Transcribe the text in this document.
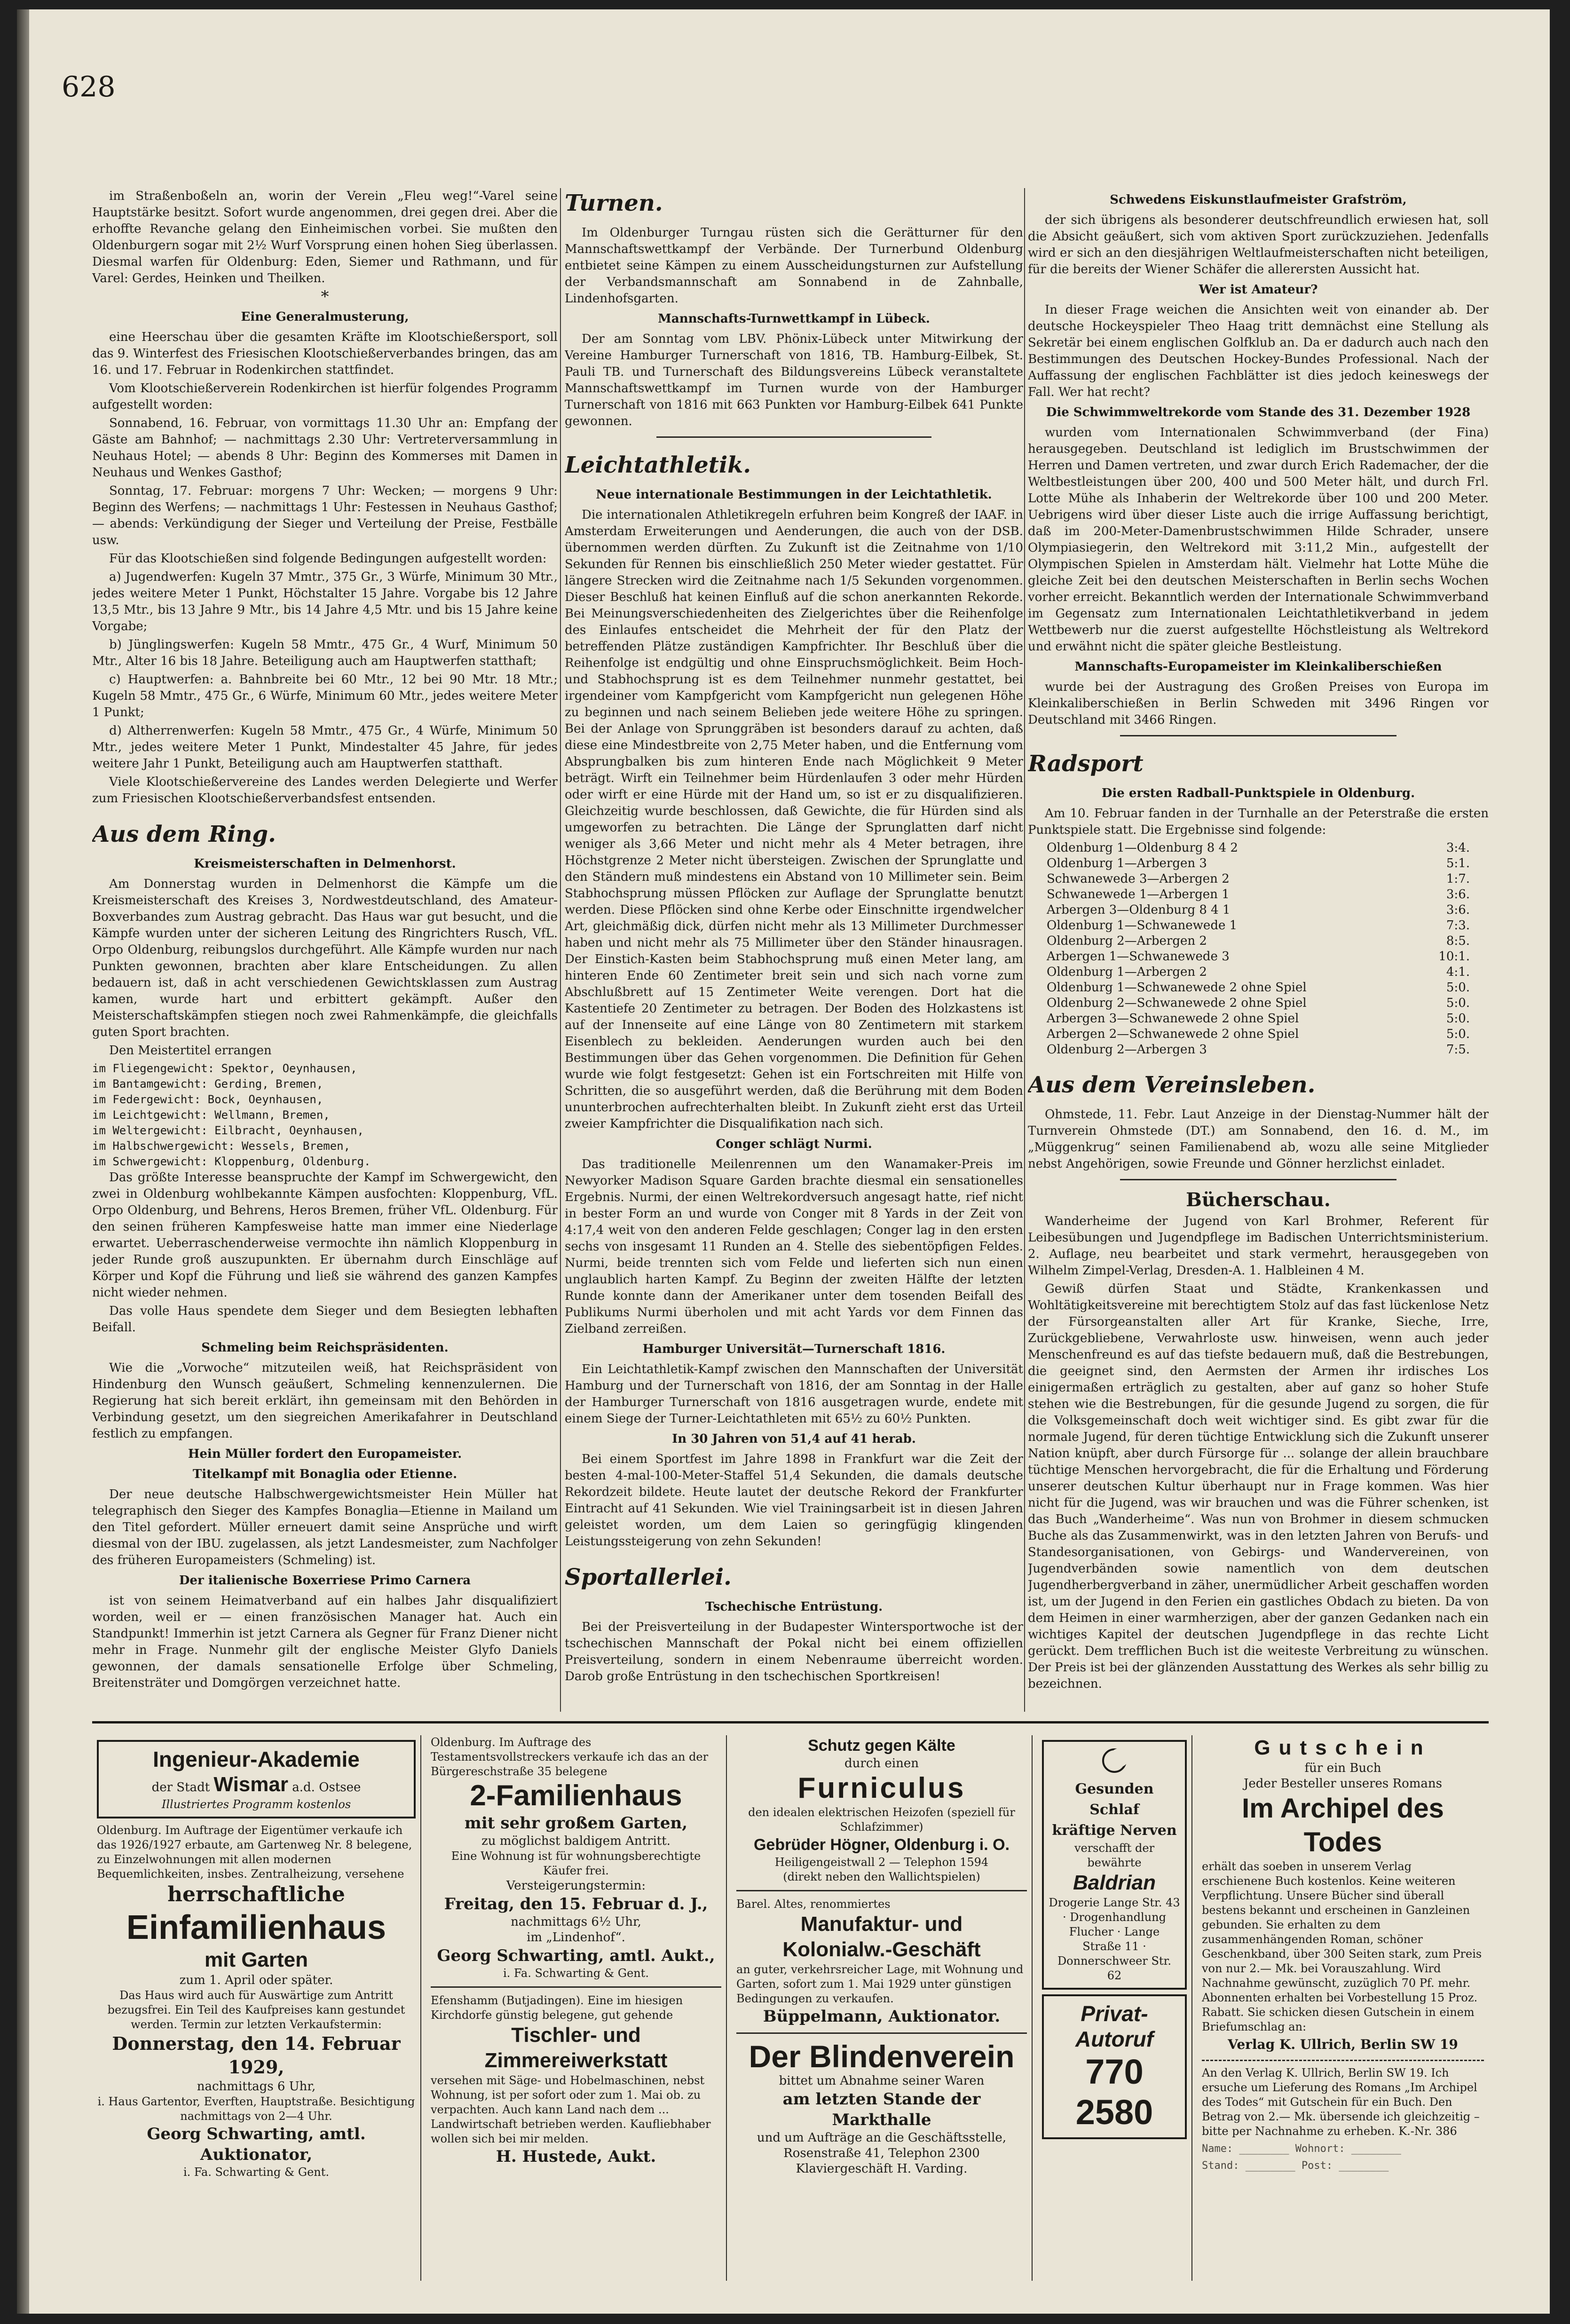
628

im Straßenboßeln an, worin der Verein „Fleu weg!“-Varel seine Hauptstärke besitzt. Sofort wurde angenommen, drei gegen drei. Aber die erhoffte Revanche gelang den Einheimischen vorbei. Sie mußten den Oldenburgern sogar mit 2½ Wurf Vorsprung einen hohen Sieg überlassen. Diesmal warfen für Oldenburg: Eden, Siemer und Rathmann, und für Varel: Gerdes, Heinken und Theilken.

*
Eine Generalmusterung,

eine Heerschau über die gesamten Kräfte im Klootschießersport, soll das 9. Winterfest des Friesischen Klootschießerverbandes bringen, das am 16. und 17. Februar in Rodenkirchen stattfindet.

Vom Klootschießerverein Rodenkirchen ist hierfür folgendes Programm aufgestellt worden:

Sonnabend, 16. Februar, von vormittags 11.30 Uhr an: Empfang der Gäste am Bahnhof; — nachmittags 2.30 Uhr: Vertreterversammlung in Neuhaus Hotel; — abends 8 Uhr: Beginn des Kommerses mit Damen in Neuhaus und Wenkes Gasthof;

Sonntag, 17. Februar: morgens 7 Uhr: Wecken; — morgens 9 Uhr: Beginn des Werfens; — nachmittags 1 Uhr: Festessen in Neuhaus Gasthof; — abends: Verkündigung der Sieger und Verteilung der Preise, Festbälle usw.

Für das Klootschießen sind folgende Bedingungen aufgestellt worden:

a) Jugendwerfen: Kugeln 37 Mmtr., 375 Gr., 3 Würfe, Minimum 30 Mtr., jedes weitere Meter 1 Punkt, Höchstalter 15 Jahre. Vorgabe bis 12 Jahre 13,5 Mtr., bis 13 Jahre 9 Mtr., bis 14 Jahre 4,5 Mtr. und bis 15 Jahre keine Vorgabe;

b) Jünglingswerfen: Kugeln 58 Mmtr., 475 Gr., 4 Wurf, Minimum 50 Mtr., Alter 16 bis 18 Jahre. Beteiligung auch am Hauptwerfen statthaft;

c) Hauptwerfen: a. Bahnbreite bei 60 Mtr., 12 bei 90 Mtr. 18 Mtr.; Kugeln 58 Mmtr., 475 Gr., 6 Würfe, Minimum 60 Mtr., jedes weitere Meter 1 Punkt;

d) Altherrenwerfen: Kugeln 58 Mmtr., 475 Gr., 4 Würfe, Minimum 50 Mtr., jedes weitere Meter 1 Punkt, Mindestalter 45 Jahre, für jedes weitere Jahr 1 Punkt, Beteiligung auch am Hauptwerfen statthaft.

Viele Klootschießervereine des Landes werden Delegierte und Werfer zum Friesischen Klootschießerverbandsfest entsenden.

Aus dem Ring.
Kreismeisterschaften in Delmenhorst.

Am Donnerstag wurden in Delmenhorst die Kämpfe um die Kreismeisterschaft des Kreises 3, Nordwestdeutschland, des Amateur-Boxverbandes zum Austrag gebracht. Das Haus war gut besucht, und die Kämpfe wurden unter der sicheren Leitung des Ringrichters Rusch, VfL. Orpo Oldenburg, reibungslos durchgeführt. Alle Kämpfe wurden nur nach Punkten gewonnen, brachten aber klare Entscheidungen. Zu allen bedauern ist, daß in acht verschiedenen Gewichtsklassen zum Austrag kamen, wurde hart und erbittert gekämpft. Außer den Meisterschaftskämpfen stiegen noch zwei Rahmenkämpfe, die gleichfalls guten Sport brachten.

Den Meistertitel errangen

im Fliegengewicht: Spektor, Oeynhausen,
im Bantamgewicht: Gerding, Bremen,
im Federgewicht: Bock, Oeynhausen,
im Leichtgewicht: Wellmann, Bremen,
im Weltergewicht: Eilbracht, Oeynhausen,
im Halbschwergewicht: Wessels, Bremen,
im Schwergewicht: Kloppenburg, Oldenburg.

Das größte Interesse beanspruchte der Kampf im Schwergewicht, den zwei in Oldenburg wohlbekannte Kämpen ausfochten: Kloppenburg, VfL. Orpo Oldenburg, und Behrens, Heros Bremen, früher VfL. Oldenburg. Für den seinen früheren Kampfesweise hatte man immer eine Niederlage erwartet. Ueberraschenderweise vermochte ihn nämlich Kloppenburg in jeder Runde groß auszupunkten. Er übernahm durch Einschläge auf Körper und Kopf die Führung und ließ sie während des ganzen Kampfes nicht wieder nehmen.

Das volle Haus spendete dem Sieger und dem Besiegten lebhaften Beifall.

Schmeling beim Reichspräsidenten.

Wie die „Vorwoche“ mitzuteilen weiß, hat Reichspräsident von Hindenburg den Wunsch geäußert, Schmeling kennenzulernen. Die Regierung hat sich bereit erklärt, ihn gemeinsam mit den Behörden in Verbindung gesetzt, um den siegreichen Amerikafahrer in Deutschland festlich zu empfangen.

Hein Müller fordert den Europameister.
Titelkampf mit Bonaglia oder Etienne.

Der neue deutsche Halbschwergewichtsmeister Hein Müller hat telegraphisch den Sieger des Kampfes Bonaglia—Etienne in Mailand um den Titel gefordert. Müller erneuert damit seine Ansprüche und wirft diesmal von der IBU. zugelassen, als jetzt Landesmeister, zum Nachfolger des früheren Europameisters (Schmeling) ist.

Der italienische Boxerriese Primo Carnera

ist von seinem Heimatverband auf ein halbes Jahr disqualifiziert worden, weil er — einen französischen Manager hat. Auch ein Standpunkt! Immerhin ist jetzt Carnera als Gegner für Franz Diener nicht mehr in Frage. Nunmehr gilt der englische Meister Glyfo Daniels gewonnen, der damals sensationelle Erfolge über Schmeling, Breitensträter und Domgörgen verzeichnet hatte.

Turnen.

Im Oldenburger Turngau rüsten sich die Gerätturner für den Mannschaftswettkampf der Verbände. Der Turnerbund Oldenburg entbietet seine Kämpen zu einem Ausscheidungsturnen zur Aufstellung der Verbandsmannschaft am Sonnabend in de Zahnballe, Lindenhofsgarten.

Mannschafts-Turnwettkampf in Lübeck.

Der am Sonntag vom LBV. Phönix-Lübeck unter Mitwirkung der Vereine Hamburger Turnerschaft von 1816, TB. Hamburg-Eilbek, St. Pauli TB. und Turnerschaft des Bildungsvereins Lübeck veranstaltete Mannschaftswettkampf im Turnen wurde von der Hamburger Turnerschaft von 1816 mit 663 Punkten vor Hamburg-Eilbek 641 Punkte gewonnen.

Leichtathletik.
Neue internationale Bestimmungen in der Leichtathletik.

Die internationalen Athletikregeln erfuhren beim Kongreß der IAAF. in Amsterdam Erweiterungen und Aenderungen, die auch von der DSB. übernommen werden dürften. Zu Zukunft ist die Zeitnahme von 1/10 Sekunden für Rennen bis einschließlich 250 Meter wieder gestattet. Für längere Strecken wird die Zeitnahme nach 1/5 Sekunden vorgenommen. Dieser Beschluß hat keinen Einfluß auf die schon anerkannten Rekorde. Bei Meinungsverschiedenheiten des Zielgerichtes über die Reihenfolge des Einlaufes entscheidet die Mehrheit der für den Platz der betreffenden Plätze zuständigen Kampfrichter. Ihr Beschluß über die Reihenfolge ist endgültig und ohne Einspruchsmöglichkeit. Beim Hoch- und Stabhochsprung ist es dem Teilnehmer nunmehr gestattet, bei irgendeiner vom Kampfgericht vom Kampfgericht nun gelegenen Höhe zu beginnen und nach seinem Belieben jede weitere Höhe zu springen. Bei der Anlage von Sprunggräben ist besonders darauf zu achten, daß diese eine Mindestbreite von 2,75 Meter haben, und die Entfernung vom Absprungbalken bis zum hinteren Ende nach Möglichkeit 9 Meter beträgt. Wirft ein Teilnehmer beim Hürdenlaufen 3 oder mehr Hürden oder wirft er eine Hürde mit der Hand um, so ist er zu disqualifizieren. Gleichzeitig wurde beschlossen, daß Gewichte, die für Hürden sind als umgeworfen zu betrachten. Die Länge der Sprunglatten darf nicht weniger als 3,66 Meter und nicht mehr als 4 Meter betragen, ihre Höchstgrenze 2 Meter nicht übersteigen. Zwischen der Sprunglatte und den Ständern muß mindestens ein Abstand von 10 Millimeter sein. Beim Stabhochsprung müssen Pflöcken zur Auflage der Sprunglatte benutzt werden. Diese Pflöcken sind ohne Kerbe oder Einschnitte irgendwelcher Art, gleichmäßig dick, dürfen nicht mehr als 13 Millimeter Durchmesser haben und nicht mehr als 75 Millimeter über den Ständer hinausragen. Der Einstich-Kasten beim Stabhochsprung muß einen Meter lang, am hinteren Ende 60 Zentimeter breit sein und sich nach vorne zum Abschlußbrett auf 15 Zentimeter Weite verengen. Dort hat die Kastentiefe 20 Zentimeter zu betragen. Der Boden des Holzkastens ist auf der Innenseite auf eine Länge von 80 Zentimetern mit starkem Eisenblech zu bekleiden. Aenderungen wurden auch bei den Bestimmungen über das Gehen vorgenommen. Die Definition für Gehen wurde wie folgt festgesetzt: Gehen ist ein Fortschreiten mit Hilfe von Schritten, die so ausgeführt werden, daß die Berührung mit dem Boden ununterbrochen aufrechterhalten bleibt. In Zukunft zieht erst das Urteil zweier Kampfrichter die Disqualifikation nach sich.

Conger schlägt Nurmi.

Das traditionelle Meilenrennen um den Wanamaker-Preis im Newyorker Madison Square Garden brachte diesmal ein sensationelles Ergebnis. Nurmi, der einen Weltrekordversuch angesagt hatte, rief nicht in bester Form an und wurde von Conger mit 8 Yards in der Zeit von 4:17,4 weit von den anderen Felde geschlagen; Conger lag in den ersten sechs von insgesamt 11 Runden an 4. Stelle des siebentöpfigen Feldes. Nurmi, beide trennten sich vom Felde und lieferten sich nun einen unglaublich harten Kampf. Zu Beginn der zweiten Hälfte der letzten Runde konnte dann der Amerikaner unter dem tosenden Beifall des Publikums Nurmi überholen und mit acht Yards vor dem Finnen das Zielband zerreißen.

Hamburger Universität—Turnerschaft 1816.

Ein Leichtathletik-Kampf zwischen den Mannschaften der Universität Hamburg und der Turnerschaft von 1816, der am Sonntag in der Halle der Hamburger Turnerschaft von 1816 ausgetragen wurde, endete mit einem Siege der Turner-Leichtathleten mit 65½ zu 60½ Punkten.

In 30 Jahren von 51,4 auf 41 herab.

Bei einem Sportfest im Jahre 1898 in Frankfurt war die Zeit der besten 4-mal-100-Meter-Staffel 51,4 Sekunden, die damals deutsche Rekordzeit bildete. Heute lautet der deutsche Rekord der Frankfurter Eintracht auf 41 Sekunden. Wie viel Trainingsarbeit ist in diesen Jahren geleistet worden, um dem Laien so geringfügig klingenden Leistungssteigerung von zehn Sekunden!

Sportallerlei.
Tschechische Entrüstung.

Bei der Preisverteilung in der Budapester Wintersportwoche ist der tschechischen Mannschaft der Pokal nicht bei einem offiziellen Preisverteilung, sondern in einem Nebenraume überreicht worden. Darob große Entrüstung in den tschechischen Sportkreisen!

Schwedens Eiskunstlaufmeister Grafström,

der sich übrigens als besonderer deutschfreundlich erwiesen hat, soll die Absicht geäußert, sich vom aktiven Sport zurückzuziehen. Jedenfalls wird er sich an den diesjährigen Weltlaufmeisterschaften nicht beteiligen, für die bereits der Wiener Schäfer die allerersten Aussicht hat.

Wer ist Amateur?

In dieser Frage weichen die Ansichten weit von einander ab. Der deutsche Hockeyspieler Theo Haag tritt demnächst eine Stellung als Sekretär bei einem englischen Golfklub an. Da er dadurch auch nach den Bestimmungen des Deutschen Hockey-Bundes Professional. Nach der Auffassung der englischen Fachblätter ist dies jedoch keineswegs der Fall. Wer hat recht?

Die Schwimmweltrekorde vom Stande des 31. Dezember 1928

wurden vom Internationalen Schwimmverband (der Fina) herausgegeben. Deutschland ist lediglich im Brustschwimmen der Herren und Damen vertreten, und zwar durch Erich Rademacher, der die Weltbestleistungen über 200, 400 und 500 Meter hält, und durch Frl. Lotte Mühe als Inhaberin der Weltrekorde über 100 und 200 Meter. Uebrigens wird über dieser Liste auch die irrige Auffassung berichtigt, daß im 200-Meter-Damenbrustschwimmen Hilde Schrader, unsere Olympiasiegerin, den Weltrekord mit 3:11,2 Min., aufgestellt der Olympischen Spielen in Amsterdam hält. Vielmehr hat Lotte Mühe die gleiche Zeit bei den deutschen Meisterschaften in Berlin sechs Wochen vorher erreicht. Bekanntlich werden der Internationale Schwimmverband im Gegensatz zum Internationalen Leichtathletikverband in jedem Wettbewerb nur die zuerst aufgestellte Höchstleistung als Weltrekord und erwähnt nicht die später gleiche Bestleistung.

Mannschafts-Europameister im Kleinkaliberschießen

wurde bei der Austragung des Großen Preises von Europa im Kleinkaliberschießen in Berlin Schweden mit 3496 Ringen vor Deutschland mit 3466 Ringen.

Radsport
Die ersten Radball-Punktspiele in Oldenburg.

Am 10. Februar fanden in der Turnhalle an der Peterstraße die ersten Punktspiele statt. Die Ergebnisse sind folgende:

Oldenburg 1—Oldenburg 8 4 2	3:4.
Oldenburg 1—Arbergen 3	5:1.
Schwanewede 3—Arbergen 2	1:7.
Schwanewede 1—Arbergen 1	3:6.
Arbergen 3—Oldenburg 8 4 1	3:6.
Oldenburg 1—Schwanewede 1	7:3.
Oldenburg 2—Arbergen 2	8:5.
Arbergen 1—Schwanewede 3	10:1.
Oldenburg 1—Arbergen 2	4:1.
Oldenburg 1—Schwanewede 2 ohne Spiel	5:0.
Oldenburg 2—Schwanewede 2 ohne Spiel	5:0.
Arbergen 3—Schwanewede 2 ohne Spiel	5:0.
Arbergen 2—Schwanewede 2 ohne Spiel	5:0.
Oldenburg 2—Arbergen 3	7:5.
Aus dem Vereinsleben.

Ohmstede, 11. Febr. Laut Anzeige in der Dienstag-Nummer hält der Turnverein Ohmstede (DT.) am Sonnabend, den 16. d. M., im „Müggenkrug“ seinen Familienabend ab, wozu alle seine Mitglieder nebst Angehörigen, sowie Freunde und Gönner herzlichst einladet.

Bücherschau.

Wanderheime der Jugend von Karl Brohmer, Referent für Leibesübungen und Jugendpflege im Badischen Unterrichtsministerium. 2. Auflage, neu bearbeitet und stark vermehrt, herausgegeben von Wilhelm Zimpel-Verlag, Dresden-A. 1. Halbleinen 4 M.

Gewiß dürfen Staat und Städte, Krankenkassen und Wohltätigkeitsvereine mit berechtigtem Stolz auf das fast lückenlose Netz der Fürsorgeanstalten aller Art für Kranke, Sieche, Irre, Zurückgebliebene, Verwahrloste usw. hinweisen, wenn auch jeder Menschenfreund es auf das tiefste bedauern muß, daß die Bestrebungen, die geeignet sind, den Aermsten der Armen ihr irdisches Los einigermaßen erträglich zu gestalten, aber auf ganz so hoher Stufe stehen wie die Bestrebungen, für die gesunde Jugend zu sorgen, die für die Volksgemeinschaft doch weit wichtiger sind. Es gibt zwar für die normale Jugend, für deren tüchtige Entwicklung sich die Zukunft unserer Nation knüpft, aber durch Fürsorge für ... solange der allein brauchbare tüchtige Menschen hervorgebracht, die für die Erhaltung und Förderung unserer deutschen Kultur überhaupt nur in Frage kommen. Was hier nicht für die Jugend, was wir brauchen und was die Führer schenken, ist das Buch „Wanderheime“. Was nun von Brohmer in diesem schmucken Buche als das Zusammenwirkt, was in den letzten Jahren von Berufs- und Standesorganisationen, von Gebirgs- und Wandervereinen, von Jugendverbänden sowie namentlich von dem deutschen Jugendherbergverband in zäher, unermüdlicher Arbeit geschaffen worden ist, um der Jugend in den Ferien ein gastliches Obdach zu bieten. Da von dem Heimen in einer warmherzigen, aber der ganzen Gedanken nach ein wichtiges Kapitel der deutschen Jugendpflege in das rechte Licht gerückt. Dem trefflichen Buch ist die weiteste Verbreitung zu wünschen. Der Preis ist bei der glänzenden Ausstattung des Werkes als sehr billig zu bezeichnen.

Ingenieur-Akademie
der Stadt Wismar a.d. Ostsee
Illustriertes Programm kostenlos
Oldenburg. Im Auftrage der Eigentümer verkaufe ich das 1926/1927 erbaute, am Gartenweg Nr. 8 belegene, zu Einzelwohnungen mit allen modernen Bequemlichkeiten, insbes. Zentralheizung, versehene
herrschaftliche
Einfamilienhaus
mit Garten
zum 1. April oder später.
Das Haus wird auch für Auswärtige zum Antritt bezugsfrei. Ein Teil des Kaufpreises kann gestundet werden. Termin zur letzten Verkaufstermin:
Donnerstag, den 14. Februar 1929,
nachmittags 6 Uhr,
i. Haus Gartentor, Everften, Hauptstraße. Besichtigung nachmittags von 2—4 Uhr.
Georg Schwarting, amtl. Auktionator,
i. Fa. Schwarting & Gent.
Oldenburg. Im Auftrage des Testamentsvollstreckers verkaufe ich das an der Bürgereschstraße 35 belegene
2-Familienhaus
mit sehr großem Garten,
zu möglichst baldigem Antritt.
Eine Wohnung ist für wohnungsberechtigte Käufer frei.
Versteigerungstermin:
Freitag, den 15. Februar d. J.,
nachmittags 6½ Uhr,
im „Lindenhof“.
Georg Schwarting, amtl. Aukt.,
i. Fa. Schwarting & Gent.
Efenshamm (Butjadingen). Eine im hiesigen Kirchdorfe günstig belegene, gut gehende
Tischler- und
Zimmereiwerkstatt
versehen mit Säge- und Hobelmaschinen, nebst Wohnung, ist per sofort oder zum 1. Mai ob. zu verpachten. Auch kann Land nach dem ... Landwirtschaft betrieben werden. Kaufliebhaber wollen sich bei mir melden.
H. Hustede, Aukt.
Schutz gegen Kälte
durch einen
Furniculus
den idealen elektrischen Heizofen (speziell für Schlafzimmer)
Gebrüder Högner, Oldenburg i. O.
Heiligengeistwall 2 — Telephon 1594
(direkt neben den Wallichtspielen)
Barel. Altes, renommiertes
Manufaktur- und
Kolonialw.-Geschäft
an guter, verkehrsreicher Lage, mit Wohnung und Garten, sofort zum 1. Mai 1929 unter günstigen Bedingungen zu verkaufen.
Büppelmann, Auktionator.
Der Blindenverein
bittet um Abnahme seiner Waren
am letzten Stande der Markthalle
und um Aufträge an die Geschäftsstelle,
Rosenstraße 41, Telephon 2300
Klaviergeschäft H. Varding.
Gesunden Schlaf
kräftige Nerven
verschafft der bewährte
Baldrian
Drogerie Lange Str. 43 · Drogenhandlung Flucher · Lange Straße 11 · Donnerschweer Str. 62
Privat-Autoruf
770
2580
Gutschein
für ein Buch
Jeder Besteller unseres Romans
Im Archipel des Todes
erhält das soeben in unserem Verlag erschienene Buch kostenlos. Keine weiteren Verpflichtung. Unsere Bücher sind überall bestens bekannt und erscheinen in Ganzleinen gebunden. Sie erhalten zu dem zusammenhängenden Roman, schöner Geschenkband, über 300 Seiten stark, zum Preis von nur 2.— Mk. bei Vorauszahlung. Wird Nachnahme gewünscht, zuzüglich 70 Pf. mehr. Abonnenten erhalten bei Vorbestellung 15 Proz. Rabatt. Sie schicken diesen Gutschein in einem Briefumschlag an:
Verlag K. Ullrich, Berlin SW 19
An den Verlag K. Ullrich, Berlin SW 19. Ich ersuche um Lieferung des Romans „Im Archipel des Todes“ mit Gutschein für ein Buch. Den Betrag von 2.— Mk. übersende ich gleichzeitig – bitte per Nachnahme zu erheben. K.-Nr. 386
Name: ________ Wohnort: ________
Stand: ________ Post: ________
